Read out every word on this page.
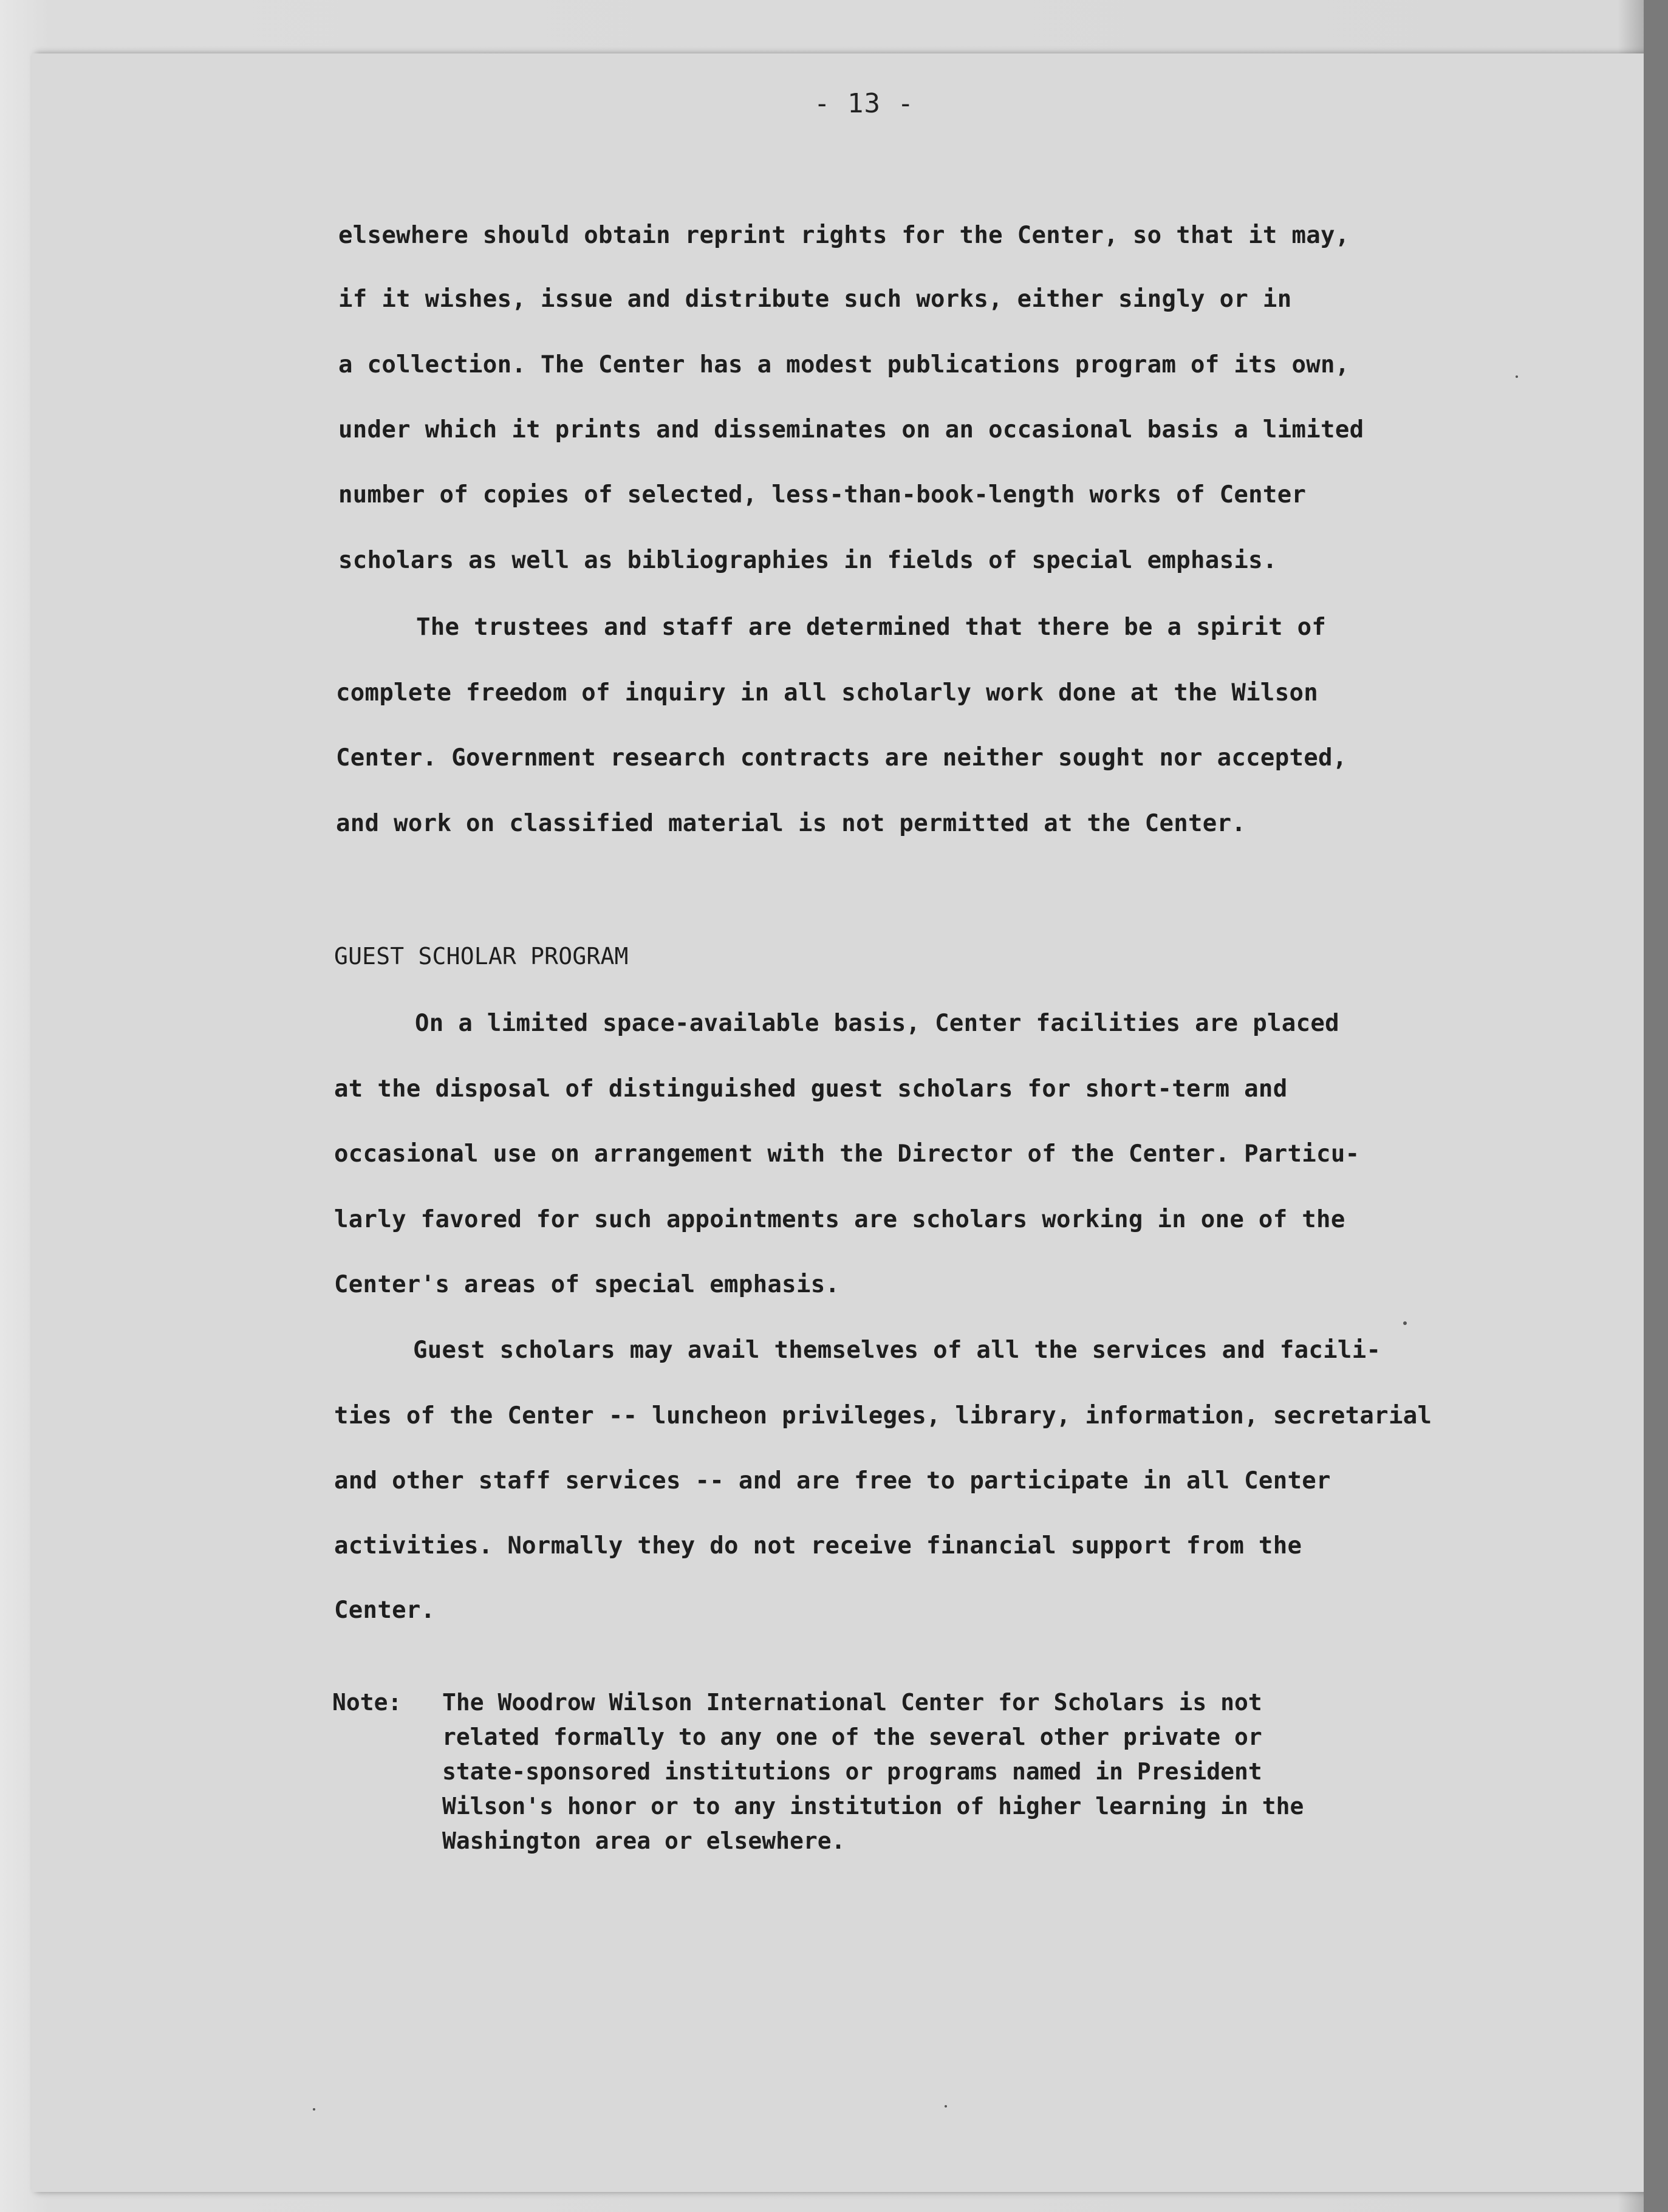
- 13 -
elsewhere should obtain reprint rights for the Center, so that it may,
if it wishes, issue and distribute such works, either singly or in
a collection. The Center has a modest publications program of its own,
under which it prints and disseminates on an occasional basis a limited
number of copies of selected, less-than-book-length works of Center
scholars as well as bibliographies in fields of special emphasis.
The trustees and staff are determined that there be a spirit of
complete freedom of inquiry in all scholarly work done at the Wilson
Center. Government research contracts are neither sought nor accepted,
and work on classified material is not permitted at the Center.
GUEST SCHOLAR PROGRAM
On a limited space-available basis, Center facilities are placed
at the disposal of distinguished guest scholars for short-term and
occasional use on arrangement with the Director of the Center. Particu-
larly favored for such appointments are scholars working in one of the
Center's areas of special emphasis.
Guest scholars may avail themselves of all the services and facili-
ties of the Center -- luncheon privileges, library, information, secretarial
and other staff services -- and are free to participate in all Center
activities. Normally they do not receive financial support from the
Center.
Note: The Woodrow Wilson International Center for Scholars is not
related formally to any one of the several other private or
state-sponsored institutions or programs named in President
Wilson's honor or to any institution of higher learning in the
Washington area or elsewhere.
